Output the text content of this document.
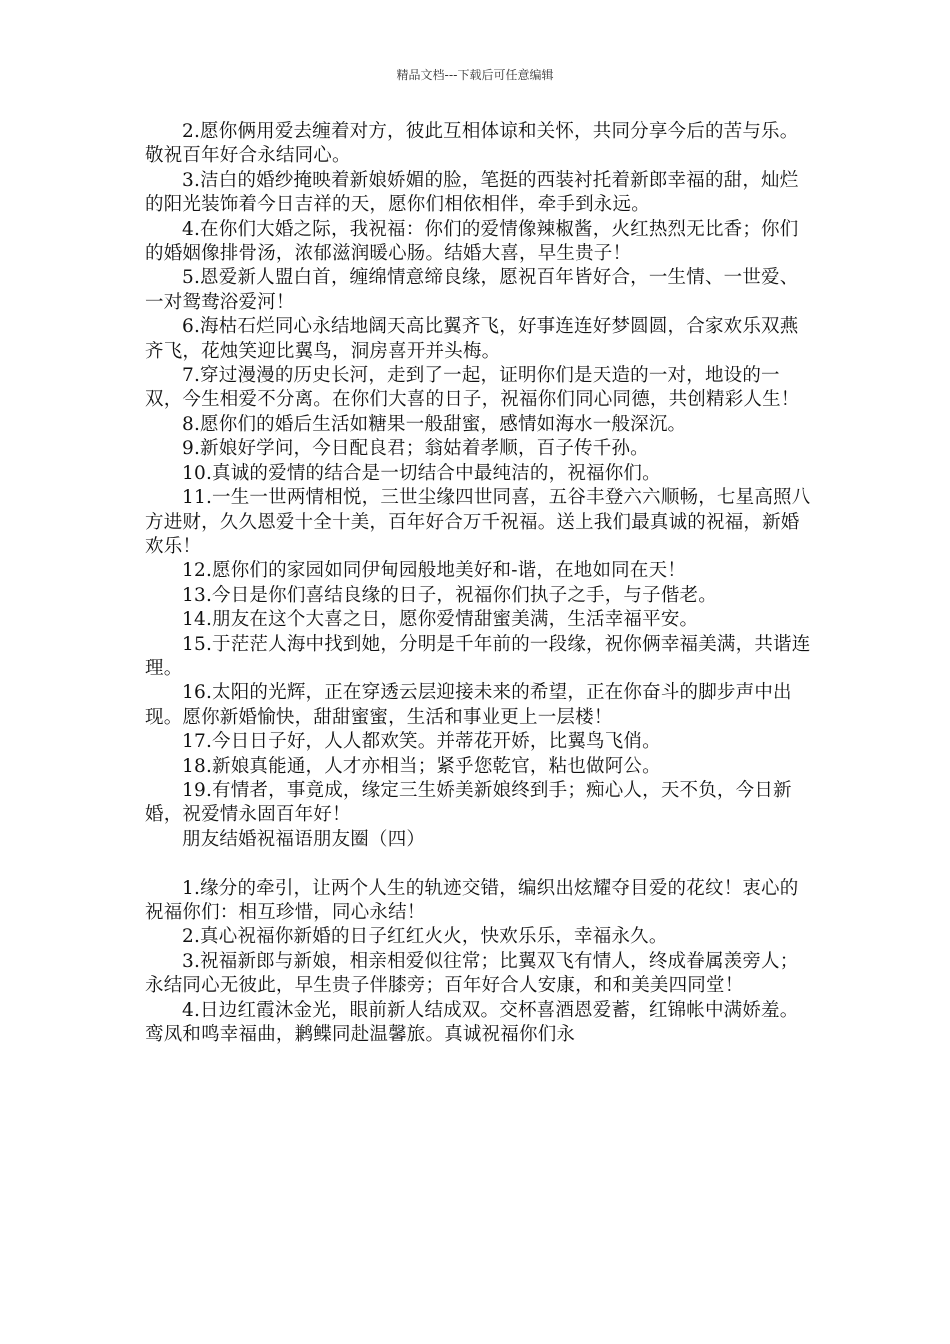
精品文档---下载后可任意编辑

2.愿你俩用爱去缠着对方，彼此互相体谅和关怀，共同分享今后的苦与乐。敬祝百年好合永结同心。

3.洁白的婚纱掩映着新娘娇媚的脸，笔挺的西装衬托着新郎幸福的甜，灿烂的阳光装饰着今日吉祥的天，愿你们相依相伴，牵手到永远。

4.在你们大婚之际，我祝福：你们的爱情像辣椒酱，火红热烈无比香；你们的婚姻像排骨汤，浓郁滋润暖心肠。结婚大喜，早生贵子！

5.恩爱新人盟白首，缠绵情意缔良缘，愿祝百年皆好合，一生情、一世爱、一对鸳鸯浴爱河！

6.海枯石烂同心永结地阔天高比翼齐飞，好事连连好梦圆圆，合家欢乐双燕齐飞，花烛笑迎比翼鸟，洞房喜开并头梅。

7.穿过漫漫的历史长河，走到了一起，证明你们是天造的一对，地设的一双，今生相爱不分离。在你们大喜的日子，祝福你们同心同德，共创精彩人生！

8.愿你们的婚后生活如糖果一般甜蜜，感情如海水一般深沉。

9.新娘好学问，今日配良君；翁姑着孝顺，百子传千孙。

10.真诚的爱情的结合是一切结合中最纯洁的，祝福你们。

11.一生一世两情相悦，三世尘缘四世同喜，五谷丰登六六顺畅，七星高照八方进财，久久恩爱十全十美，百年好合万千祝福。送上我们最真诚的祝福，新婚欢乐！

12.愿你们的家园如同伊甸园般地美好和-谐，在地如同在天！

13.今日是你们喜结良缘的日子，祝福你们执子之手，与子偕老。

14.朋友在这个大喜之日，愿你爱情甜蜜美满，生活幸福平安。

15.于茫茫人海中找到她，分明是千年前的一段缘，祝你俩幸福美满，共谐连理。

16.太阳的光辉，正在穿透云层迎接未来的希望，正在你奋斗的脚步声中出现。愿你新婚愉快，甜甜蜜蜜，生活和事业更上一层楼！

17.今日日子好，人人都欢笑。并蒂花开娇，比翼鸟飞俏。

18.新娘真能通，人才亦相当；紧乎您乾官，粘也做阿公。

19.有情者，事竟成，缘定三生娇美新娘终到手；痴心人，天不负，今日新婚，祝爱情永固百年好！

朋友结婚祝福语朋友圈（四）

1.缘分的牵引，让两个人生的轨迹交错，编织出炫耀夺目爱的花纹！衷心的祝福你们：相互珍惜，同心永结！

2.真心祝福你新婚的日子红红火火，快欢乐乐，幸福永久。

3.祝福新郎与新娘，相亲相爱似往常；比翼双飞有情人，终成眷属羡旁人；永结同心无彼此，早生贵子伴膝旁；百年好合人安康，和和美美四同堂！

4.日边红霞沐金光，眼前新人结成双。交杯喜酒恩爱蓄，红锦帐中满娇羞。鸾凤和鸣幸福曲，鹣鲽同赴温馨旅。真诚祝福你们永
